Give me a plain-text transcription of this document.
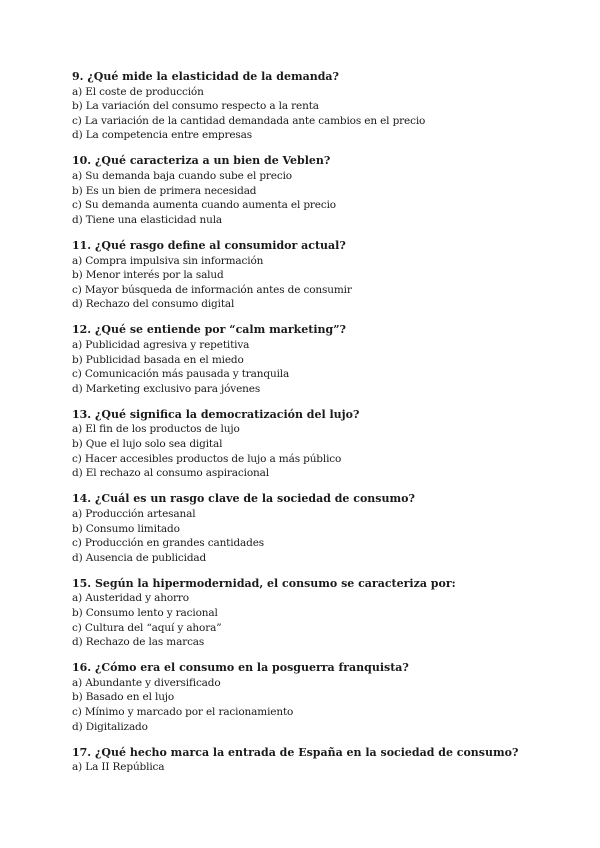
9. ¿Qué mide la elasticidad de la demanda?
a) El coste de producción
b) La variación del consumo respecto a la renta
c) La variación de la cantidad demandada ante cambios en el precio
d) La competencia entre empresas
10. ¿Qué caracteriza a un bien de Veblen?
a) Su demanda baja cuando sube el precio
b) Es un bien de primera necesidad
c) Su demanda aumenta cuando aumenta el precio
d) Tiene una elasticidad nula
11. ¿Qué rasgo define al consumidor actual?
a) Compra impulsiva sin información
b) Menor interés por la salud
c) Mayor búsqueda de información antes de consumir
d) Rechazo del consumo digital
12. ¿Qué se entiende por “calm marketing”?
a) Publicidad agresiva y repetitiva
b) Publicidad basada en el miedo
c) Comunicación más pausada y tranquila
d) Marketing exclusivo para jóvenes
13. ¿Qué significa la democratización del lujo?
a) El fin de los productos de lujo
b) Que el lujo solo sea digital
c) Hacer accesibles productos de lujo a más público
d) El rechazo al consumo aspiracional
14. ¿Cuál es un rasgo clave de la sociedad de consumo?
a) Producción artesanal
b) Consumo limitado
c) Producción en grandes cantidades
d) Ausencia de publicidad
15. Según la hipermodernidad, el consumo se caracteriza por:
a) Austeridad y ahorro
b) Consumo lento y racional
c) Cultura del “aquí y ahora”
d) Rechazo de las marcas
16. ¿Cómo era el consumo en la posguerra franquista?
a) Abundante y diversificado
b) Basado en el lujo
c) Mínimo y marcado por el racionamiento
d) Digitalizado
17. ¿Qué hecho marca la entrada de España en la sociedad de consumo?
a) La II República
